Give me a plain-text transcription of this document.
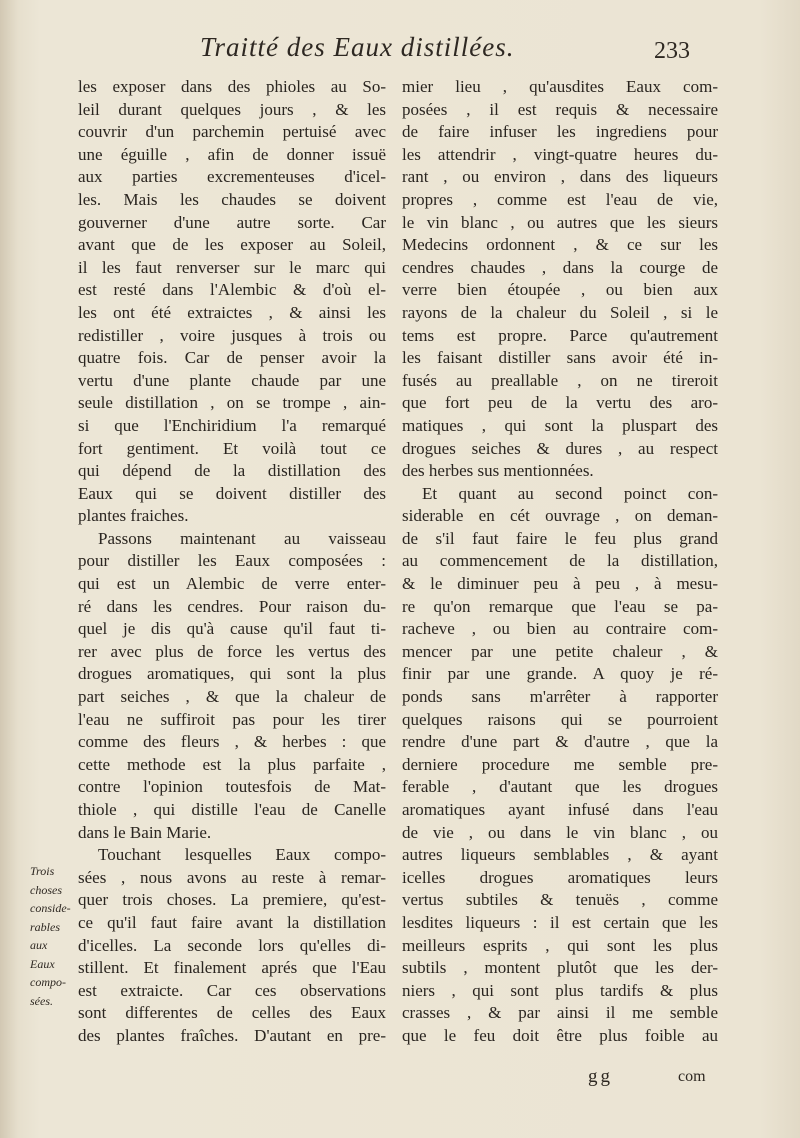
Traitté des Eaux distillées.	233
les exposer dans des phioles au So-
leil durant quelques jours , & les
couvrir d'un parchemin pertuisé avec
une éguille , afin de donner issuë
aux parties excrementeuses d'icel-
les. Mais les chaudes se doivent
gouverner d'une autre sorte. Car
avant que de les exposer au Soleil,
il les faut renverser sur le marc qui
est resté dans l'Alembic & d'où el-
les ont été extraictes , & ainsi les
redistiller , voire jusques à trois ou
quatre fois. Car de penser avoir la
vertu d'une plante chaude par une
seule distillation , on se trompe , ain-
si que l'Enchiridium l'a remarqué
fort gentiment. Et voilà tout ce
qui dépend de la distillation des
Eaux qui se doivent distiller des
plantes fraiches.
Passons maintenant au vaisseau
pour distiller les Eaux composées :
qui est un Alembic de verre enter-
ré dans les cendres. Pour raison du-
quel je dis qu'à cause qu'il faut ti-
rer avec plus de force les vertus des
drogues aromatiques, qui sont la plus
part seiches , & que la chaleur de
l'eau ne suffiroit pas pour les tirer
comme des fleurs , & herbes : que
cette methode est la plus parfaite ,
contre l'opinion toutesfois de Mat-
thiole , qui distille l'eau de Canelle
dans le Bain Marie.
Touchant lesquelles Eaux compo-
sées , nous avons au reste à remar-
quer trois choses. La premiere, qu'est-
ce qu'il faut faire avant la distillation
d'icelles. La seconde lors qu'elles di-
stillent. Et finalement aprés que l'Eau
est extraicte. Car ces observations
sont differentes de celles des Eaux
des plantes fraîches. D'autant en pre-
mier lieu , qu'ausdites Eaux com-
posées , il est requis & necessaire
de faire infuser les ingrediens pour
les attendrir , vingt-quatre heures du-
rant , ou environ , dans des liqueurs
propres , comme est l'eau de vie,
le vin blanc , ou autres que les sieurs
Medecins ordonnent , & ce sur les
cendres chaudes , dans la courge de
verre bien étoupée , ou bien aux
rayons de la chaleur du Soleil , si le
tems est propre. Parce qu'autrement
les faisant distiller sans avoir été in-
fusés au preallable , on ne tireroit
que fort peu de la vertu des aro-
matiques , qui sont la pluspart des
drogues seiches & dures , au respect
des herbes sus mentionnées.
Et quant au second poinct con-
siderable en cét ouvrage , on deman-
de s'il faut faire le feu plus grand
au commencement de la distillation,
& le diminuer peu à peu , à mesu-
re qu'on remarque que l'eau se pa-
racheve , ou bien au contraire com-
mencer par une petite chaleur , &
finir par une grande. A quoy je ré-
ponds sans m'arrêter à rapporter
quelques raisons qui se pourroient
rendre d'une part & d'autre , que la
derniere procedure me semble pre-
ferable , d'autant que les drogues
aromatiques ayant infusé dans l'eau
de vie , ou dans le vin blanc , ou
autres liqueurs semblables , & ayant
icelles drogues aromatiques leurs
vertus subtiles & tenuës , comme
lesdites liqueurs : il est certain que les
meilleurs esprits , qui sont les plus
subtils , montent plutôt que les der-
niers , qui sont plus tardifs & plus
crasses , & par ainsi il me semble
que le feu doit être plus foible au
Trois
choses
conside-
rables
aux
Eaux
compo-
sées.
gg	com
